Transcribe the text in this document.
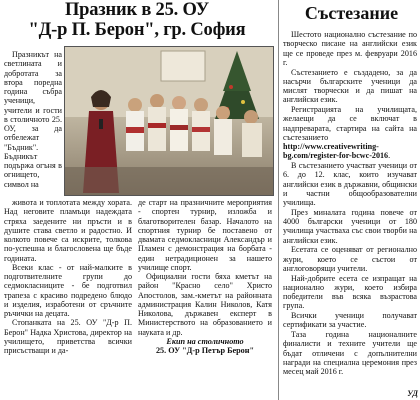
Празник в 25. ОУ
"Д-р П. Берон", гр. София

Празникът на светлината и добротата за втора поредна година събра ученици, учители и гости в столичното 25. ОУ, за да отбележат "Бъдник". Бъдникът подържа огъня в огнището, символ на

живота и топлотата между хората. Над неговите пламъци надеждата стряха заедените ни пръсти и в душите става светло и радостно. И колкото повече са искрите, толкова по-успешна и благословена ще бъде годината.

Всеки клас - от най-малките в подготвителните групи до седмокласниците - бе подготвил трапеза с красиво подредено блюдо и изделия, изработени от сръчните ръчички на децата.

Стопанката на 25. ОУ "Д-р П. Берон" Надка Христова, директор на училището, приветства всички присъстващи и да-

де старт на празничните мероприятия - спортен турнир, изложба и благотворителен базар. Началото на спортния турнир бе поставено от двамата седмокласници Александър и Пламен с демонстрация на борбата - един нетрадиционен за нашето училище спорт.

Официални гости бяха кметът на район "Красно село" Христо Апостолов, зам.-кметът на районната администрация Калин Николов, Катя Николова, държавен експерт в Министерството на образованието и науката и др.

Екип на столичното
25. ОУ "Д-р Петър Берон"
Състезание

Шестото национално състезание по творческо писане на английски език ще се проведе през м. февруари 2016 г.

Състезанието е създадено, за да насърчи българските ученици да мислят творчески и да пишат на английски език.

Регистрацията на училищата, желаещи да се включат в надпреварата, стартира на сайта на състезанието http://www.creativewriting-bg.com/register-for-bcwc-2016.

В състезанието участват ученици от 6. до 12. клас, които изучават английски език в държавни, общински и частни общообразователни училища.

През миналата година повече от 4000 български ученици от 180 училища участваха със свои творби на английски език.

Есетата се оценяват от регионално жури, което се състои от англоговорящи учители.

Най-добрите есета се изпращат на национално жури, което избира победители във всяка възрастова група.

Всички ученици получават сертификати за участие.

Таза година националните финалисти и техните учители ще бъдат отличени с допълнителни награди на специална церемония през месец май 2016 г.

УД
